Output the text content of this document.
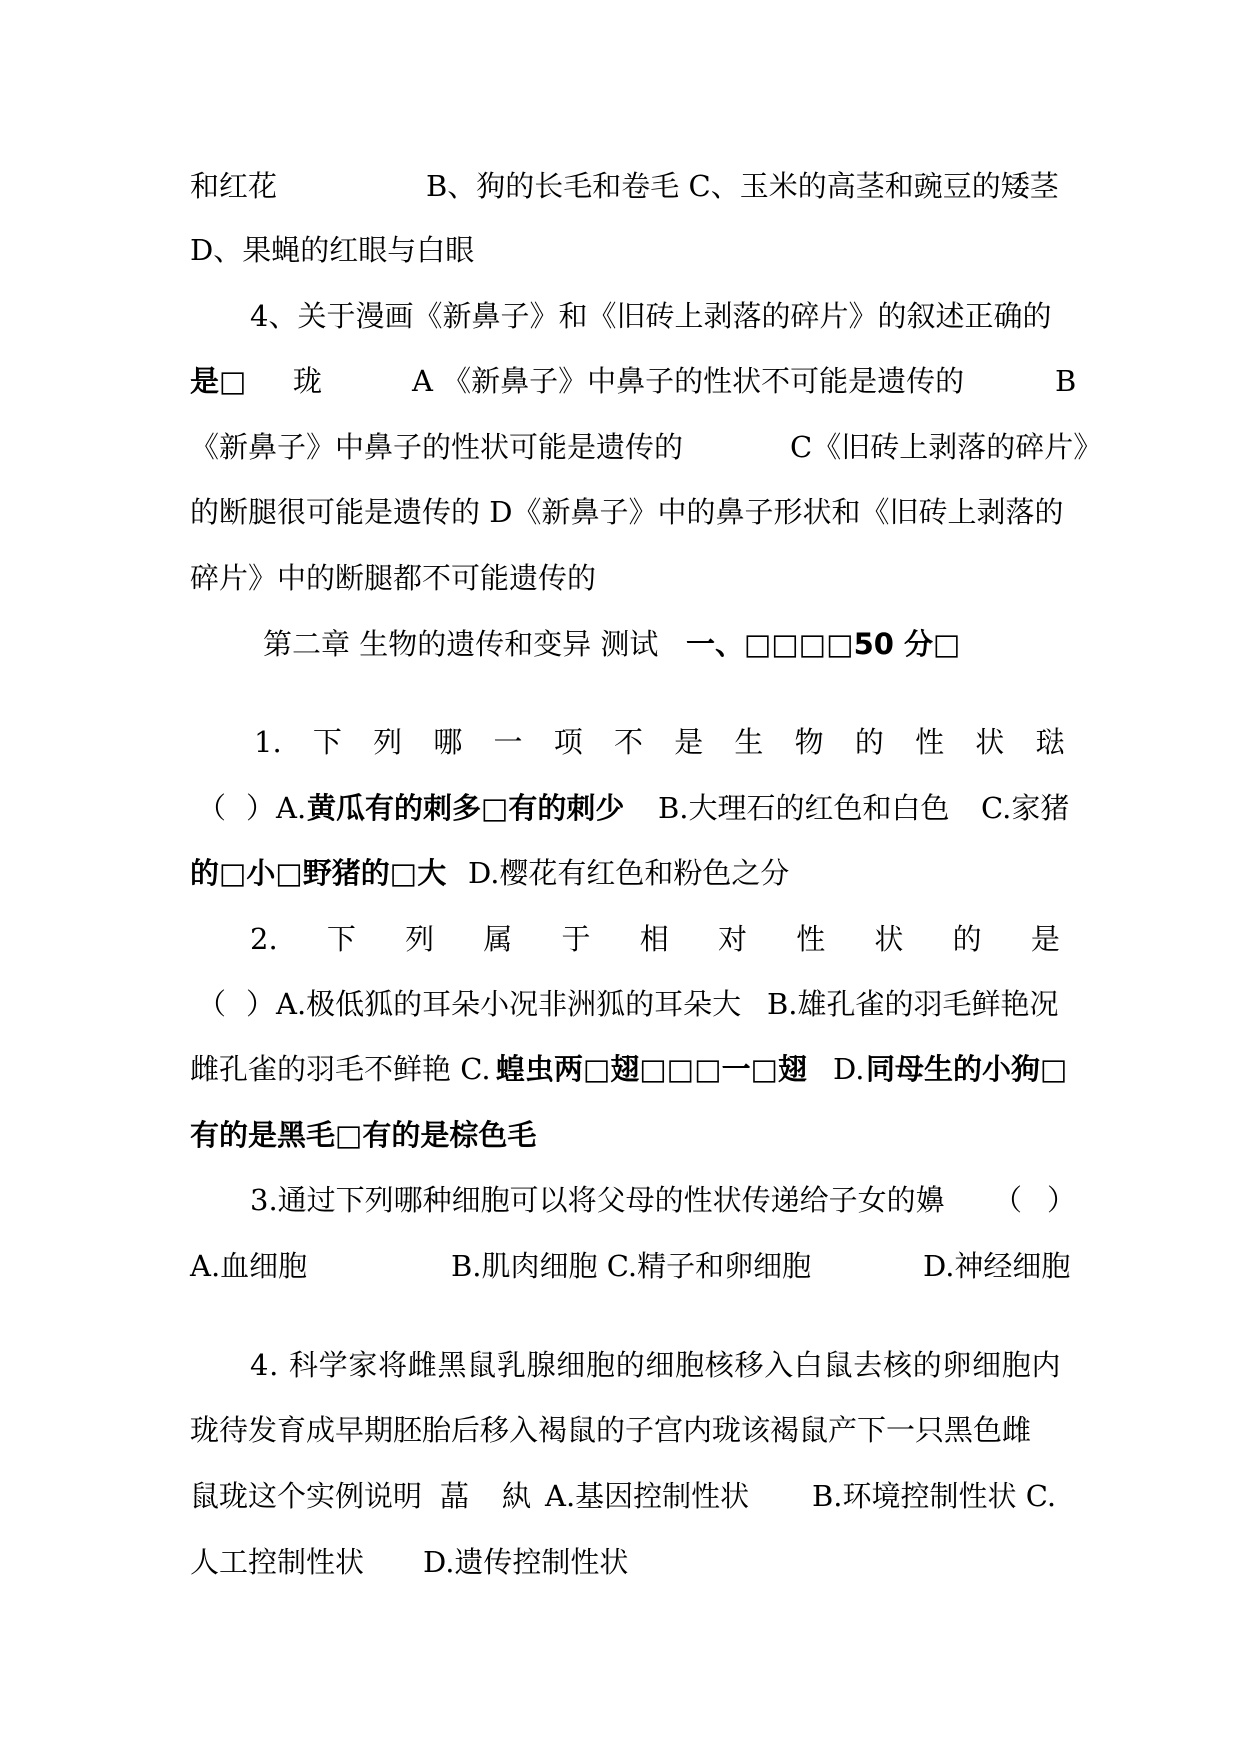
和红花	B、狗的长毛和卷毛 C、玉米的高茎和豌豆的矮茎
D、果蝇的红眼与白眼
4、关于漫画《新鼻子》和《旧砖上剥落的碎片》的叙述正确的
是□ 珑	A 《新鼻子》中鼻子的性状不可能是遗传的	B
《新鼻子》中鼻子的性状可能是遗传的	C《旧砖上剥落的碎片》
的断腿很可能是遗传的 D《新鼻子》中的鼻子形状和《旧砖上剥落的
碎片》中的断腿都不可能遗传的
第二章 生物的遗传和变异 测试 一、□□□□50 分□
1. 下 列 哪 一 项 不 是 生 物 的 性 状 琺
（ ） A. 黄瓜有的刺多□有的刺少 B.大理石的红色和白色 C.家猪
的□小□野猪的□大 D.樱花有红色和粉色之分
2. 下 列 属 于 相 对 性 状 的 是
（ ） A.极低狐的耳朵小况非洲狐的耳朵大 B.雄孔雀的羽毛鲜艳况
雌孔雀的羽毛不鲜艳 C. 蝗虫两□翅□□□一□翅 D. 同母生的小狗□
有的是黑毛□有的是棕色毛
3.通过下列哪种细胞可以将父母的性状传递给子女的嬶 （ ）
A.血细胞	B.肌肉细胞 C.精子和卵细胞	D.神经细胞
4. 科学家将雌黑鼠乳腺细胞的细胞核移入白鼠去核的卵细胞内
珑待发育成早期胚胎后移入褐鼠的子宫内珑该褐鼠产下一只黑色雌
鼠珑这个实例说明 蕌 紈 A.基因控制性状 B.环境控制性状 C.
人工控制性状 D.遗传控制性状
